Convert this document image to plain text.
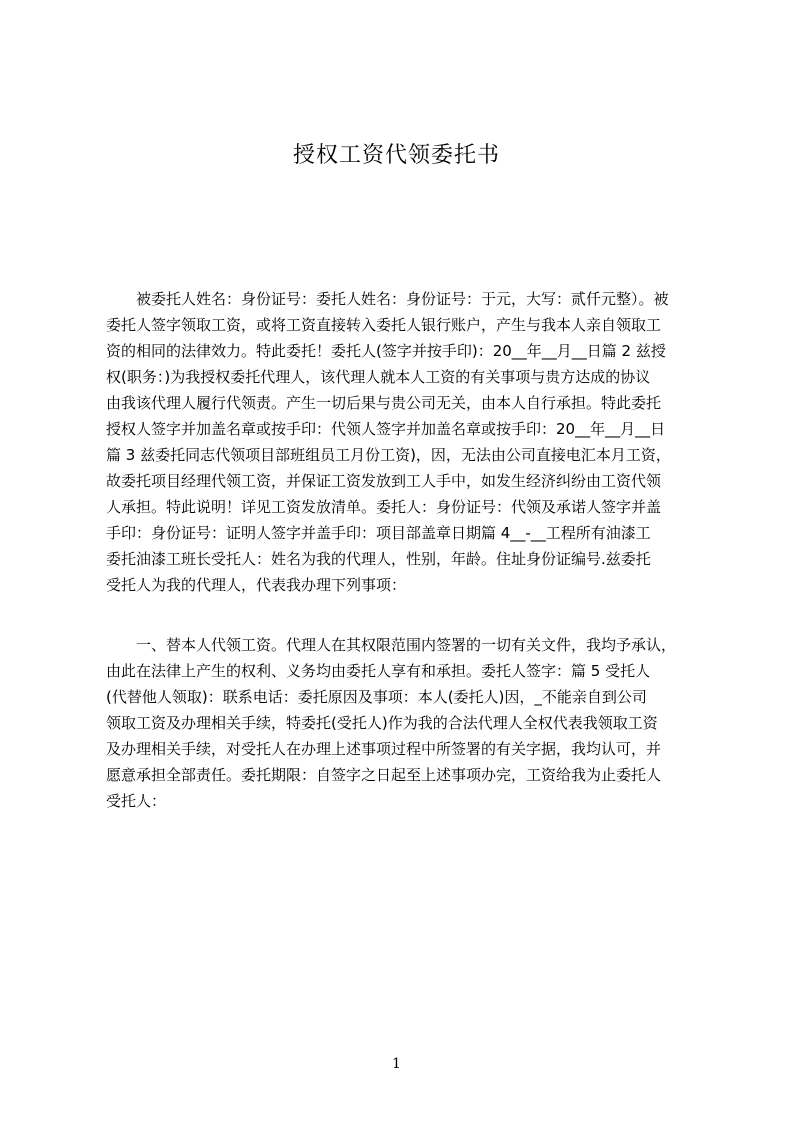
授权工资代领委托书

　　被委托人姓名：身份证号：委托人姓名：身份证号：于元，大写：贰仟元整）。被
委托人签字领取工资，或将工资直接转入委托人银行账户，产生与我本人亲自领取工
资的相同的法律效力。特此委托！委托人(签字并按手印)：20__年__月__日篇 2 兹授
权(职务：)为我授权委托代理人，该代理人就本人工资的有关事项与贵方达成的协议
由我该代理人履行代领责。产生一切后果与贵公司无关，由本人自行承担。特此委托
授权人签字并加盖名章或按手印：代领人签字并加盖名章或按手印：20__年__月__日
篇 3 兹委托同志代领项目部班组员工月份工资)，因，无法由公司直接电汇本月工资，
故委托项目经理代领工资，并保证工资发放到工人手中，如发生经济纠纷由工资代领
人承担。特此说明！详见工资发放清单。委托人：身份证号：代领及承诺人签字并盖
手印：身份证号：证明人签字并盖手印：项目部盖章日期篇 4__-__工程所有油漆工
委托油漆工班长受托人：姓名为我的代理人，性别，年龄。住址身份证编号.兹委托
受托人为我的代理人，代表我办理下列事项：

　　一、替本人代领工资。代理人在其权限范围内签署的一切有关文件，我均予承认，
由此在法律上产生的权利、义务均由委托人享有和承担。委托人签字：篇 5 受托人
(代替他人领取)：联系电话：委托原因及事项：本人(委托人)因，_不能亲自到公司
领取工资及办理相关手续，特委托(受托人)作为我的合法代理人全权代表我领取工资
及办理相关手续，对受托人在办理上述事项过程中所签署的有关字据，我均认可，并
愿意承担全部责任。委托期限：自签字之日起至上述事项办完，工资给我为止委托人
受托人：

1
